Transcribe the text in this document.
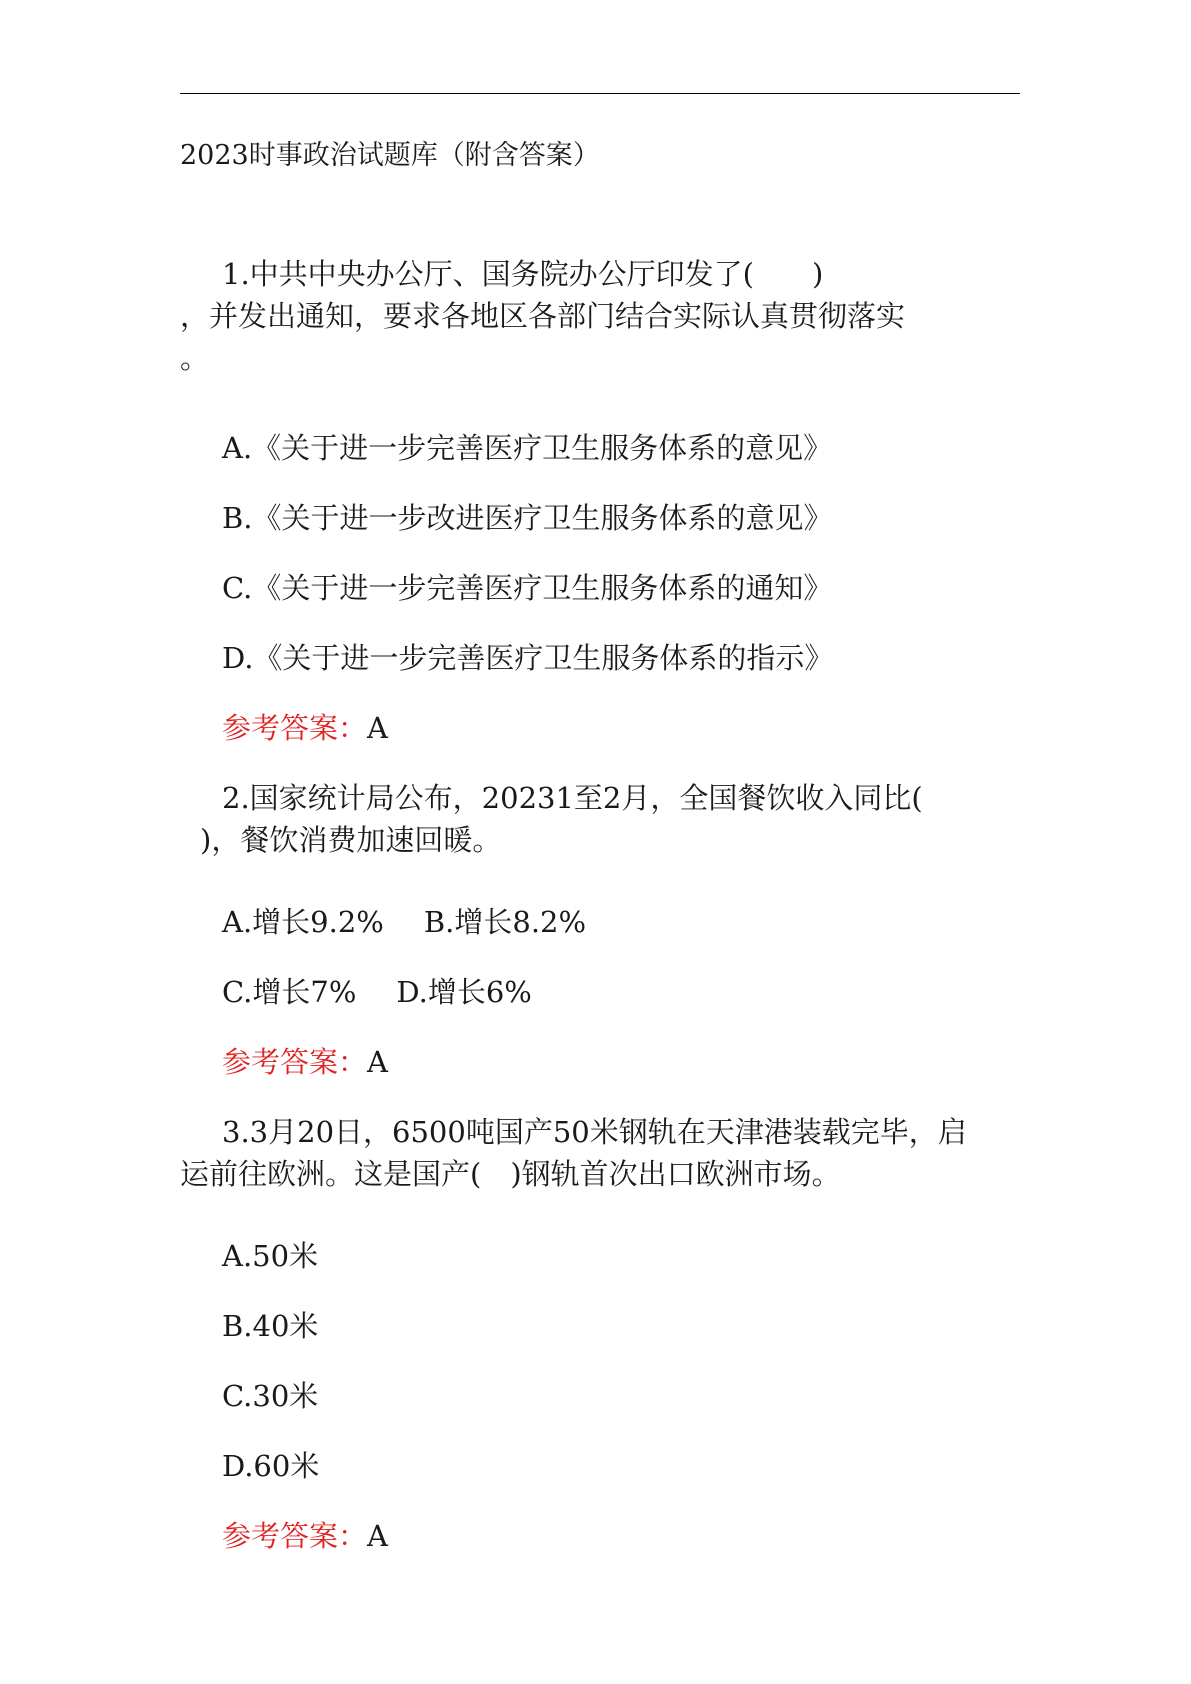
2023时事政治试题库（附含答案）
1.中共中央办公厅、国务院办公厅印发了(　　)
，并发出通知，要求各地区各部门结合实际认真贯彻落实
。
A.《关于进一步完善医疗卫生服务体系的意见》
B.《关于进一步改进医疗卫生服务体系的意见》
C.《关于进一步完善医疗卫生服务体系的通知》
D.《关于进一步完善医疗卫生服务体系的指示》
参考答案：A
2.国家统计局公布，20231至2月，全国餐饮收入同比(
)，餐饮消费加速回暖。
A.增长9.2% B.增长8.2%
C.增长7% D.增长6%
参考答案：A
3.3月20日，6500吨国产50米钢轨在天津港装载完毕，启
运前往欧洲。这是国产(　)钢轨首次出口欧洲市场。
A.50米
B.40米
C.30米
D.60米
参考答案：A
